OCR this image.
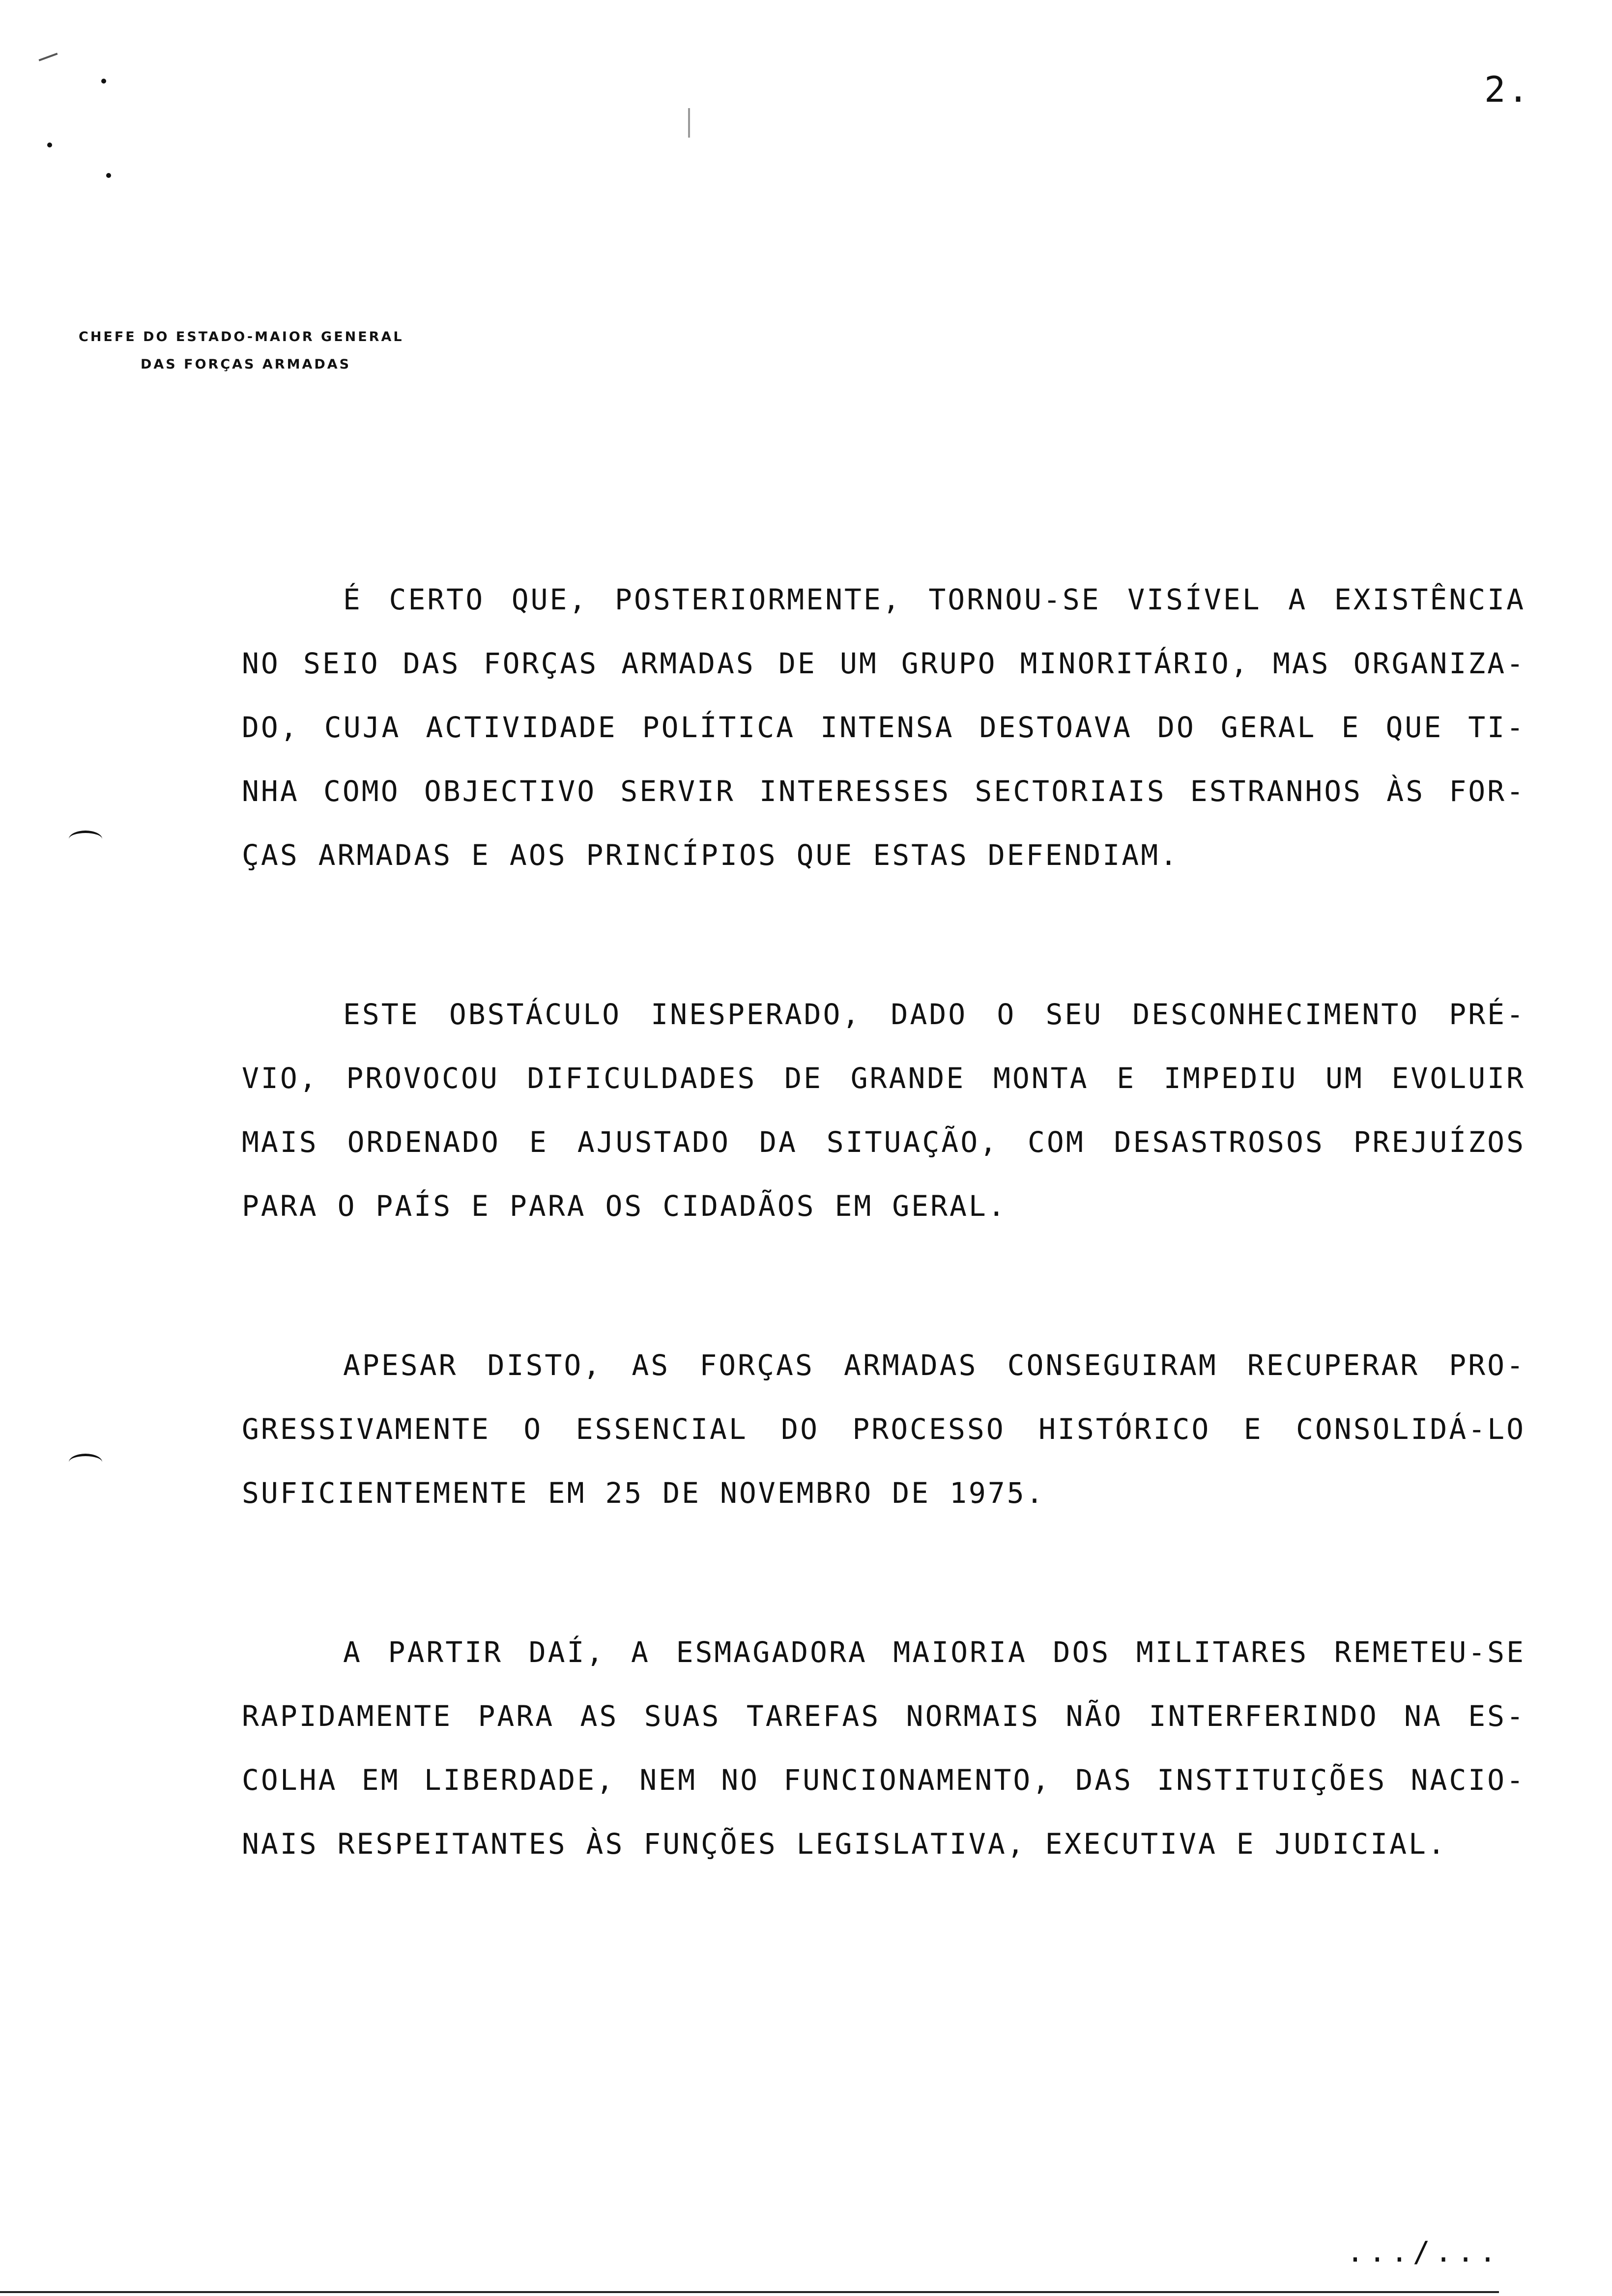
2.
CHEFE DO ESTADO-MAIOR GENERAL
DAS FORÇAS ARMADAS
É CERTO QUE, POSTERIORMENTE, TORNOU-SE VISÍVEL A EXISTÊNCIA
NO SEIO DAS FORÇAS ARMADAS DE UM GRUPO MINORITÁRIO, MAS ORGANIZA-
DO, CUJA ACTIVIDADE POLÍTICA INTENSA DESTOAVA DO GERAL E QUE TI-
NHA COMO OBJECTIVO SERVIR INTERESSES SECTORIAIS ESTRANHOS ÀS FOR-
ÇAS ARMADAS E AOS PRINCÍPIOS QUE ESTAS DEFENDIAM.
ESTE OBSTÁCULO INESPERADO, DADO O SEU DESCONHECIMENTO PRÉ-
VIO, PROVOCOU DIFICULDADES DE GRANDE MONTA E IMPEDIU UM EVOLUIR
MAIS ORDENADO E AJUSTADO DA SITUAÇÃO, COM DESASTROSOS PREJUÍZOS
PARA O PAÍS E PARA OS CIDADÃOS EM GERAL.
APESAR DISTO, AS FORÇAS ARMADAS CONSEGUIRAM RECUPERAR PRO-
GRESSIVAMENTE O ESSENCIAL DO PROCESSO HISTÓRICO E CONSOLIDÁ-LO
SUFICIENTEMENTE EM 25 DE NOVEMBRO DE 1975.
A PARTIR DAÍ, A ESMAGADORA MAIORIA DOS MILITARES REMETEU-SE
RAPIDAMENTE PARA AS SUAS TAREFAS NORMAIS NÃO INTERFERINDO NA ES-
COLHA EM LIBERDADE, NEM NO FUNCIONAMENTO, DAS INSTITUIÇÕES NACIO-
NAIS RESPEITANTES ÀS FUNÇÕES LEGISLATIVA, EXECUTIVA E JUDICIAL.
.../...
